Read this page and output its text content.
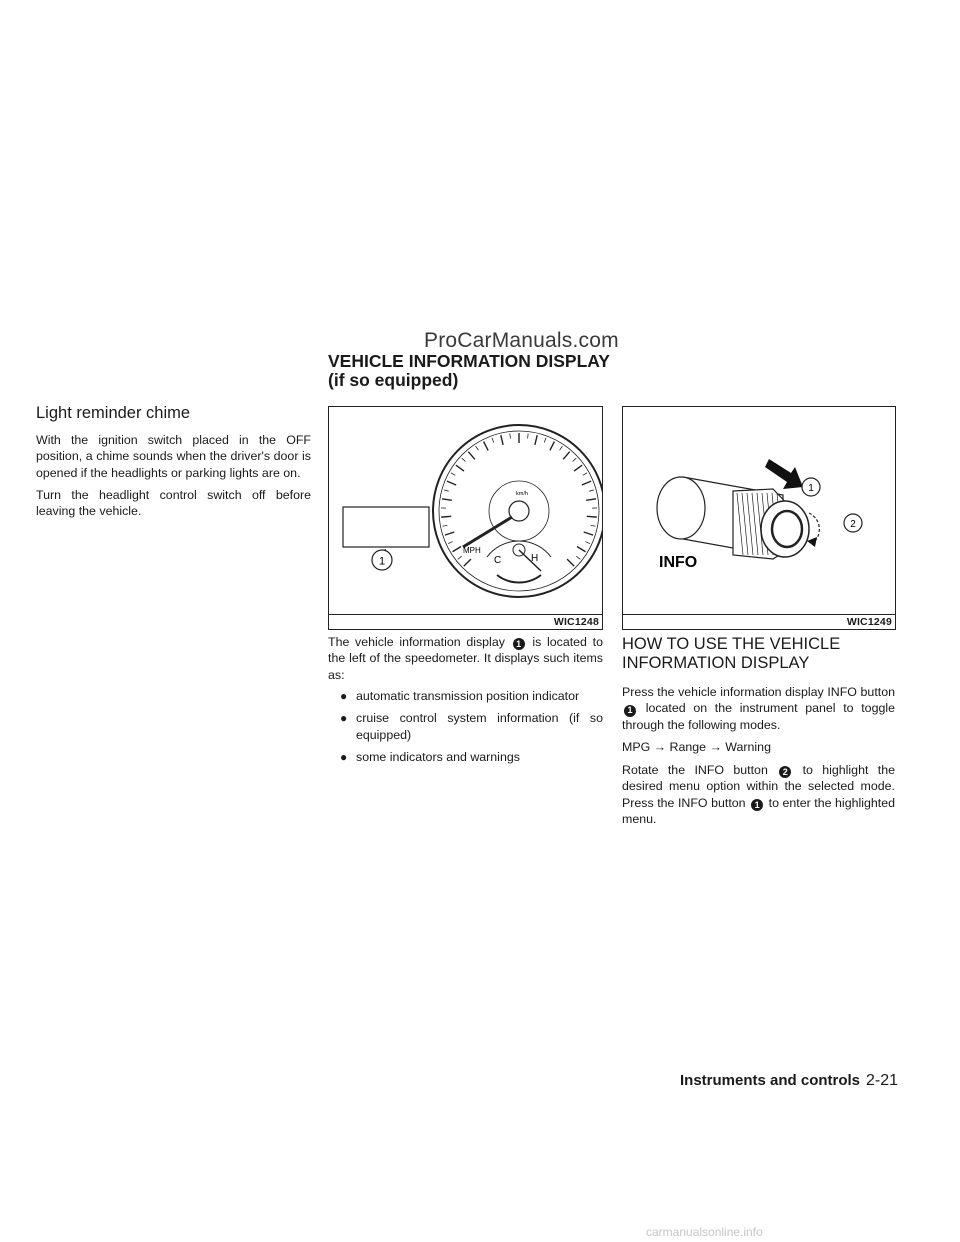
ProCarManuals.com
VEHICLE INFORMATION DISPLAY (if so equipped)
Light reminder chime
With the ignition switch placed in the OFF position, a chime sounds when the driver's door is opened if the headlights or parking lights are on.
Turn the headlight control switch off before leaving the vehicle.
1
km/h
MPH
C	H
WIC1248
1
2
INFO
WIC1249
The vehicle information display 1 is located to the left of the speedometer. It displays such items as:
● automatic transmission position indicator
● cruise control system information (if so equipped)
● some indicators and warnings
HOW TO USE THE VEHICLE INFORMATION DISPLAY
Press the vehicle information display INFO button 1 located on the instrument panel to toggle through the following modes.
MPG → Range → Warning
Rotate the INFO button 2 to highlight the desired menu option within the selected mode. Press the INFO button 1 to enter the highlighted menu.
Instruments and controls 2-21
carmanualsonline.info
